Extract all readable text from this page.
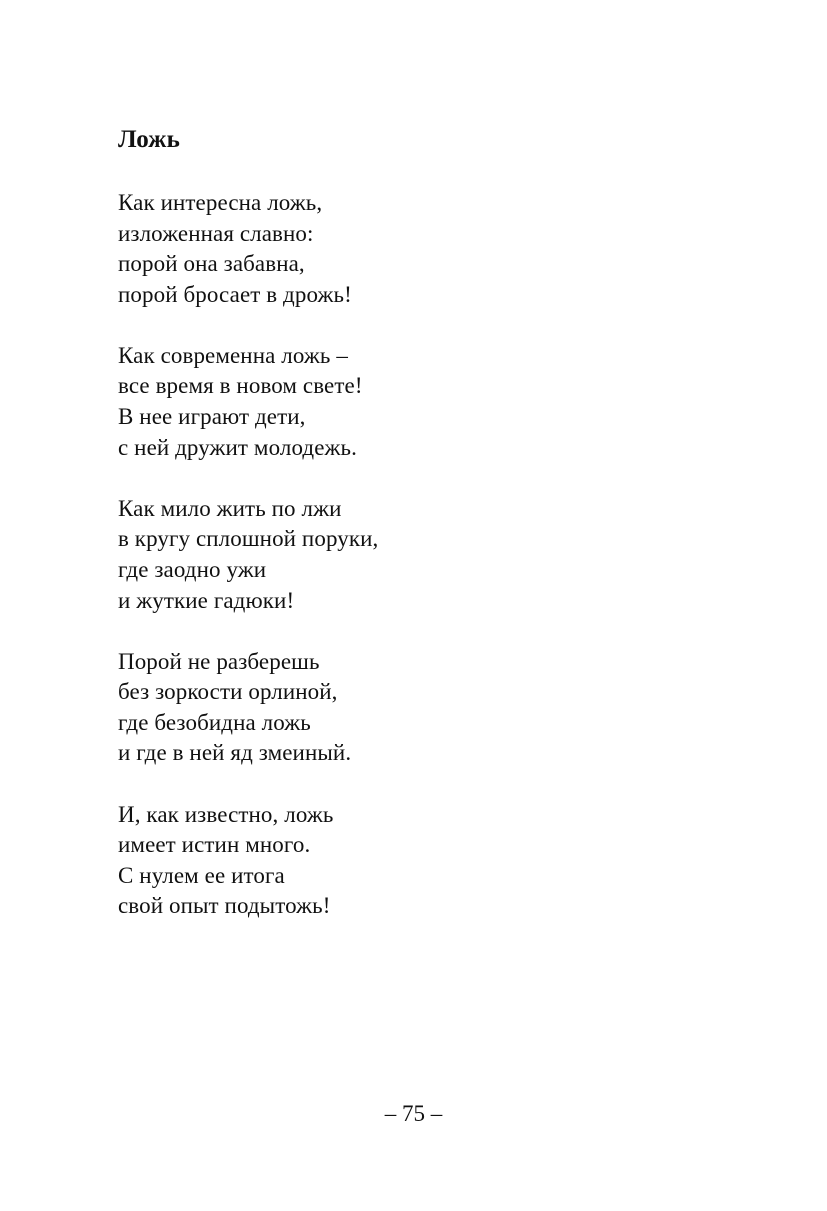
Ложь
Как интересна ложь,
изложенная славно:
порой она забавна,
порой бросает в дрожь!
Как современна ложь –
все время в новом свете!
В нее играют дети,
с ней дружит молодежь.
Как мило жить по лжи
в кругу сплошной поруки,
где заодно ужи
и жуткие гадюки!
Порой не разберешь
без зоркости орлиной,
где безобидна ложь
и где в ней яд змеиный.
И, как известно, ложь
имеет истин много.
С нулем ее итога
свой опыт подытожь!

– 75 –
